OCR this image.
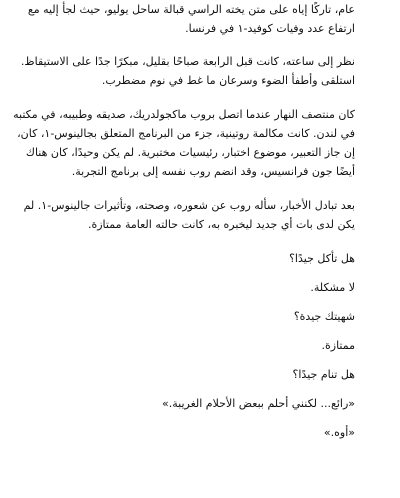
عام، تاركًا إياه على متن يخته الراسي قبالة ساحل يوليو، حيث لجأ إليه مع

ارتفاع عدد وفيات كوفيد-١ في فرنسا.

نظر إلى ساعته، كانت قبل الرابعة صباحًا بقليل، مبكرًا جدًا على الاستيقاظ.

استلقى وأطفأ الضوء وسرعان ما غط في نوم مضطرب.

كان منتصف النهار عندما اتصل بروب ماكجولدريك، صديقه وطبيبه، في مكتبه

في لندن. كانت مكالمة روتينية، جزء من البرنامج المتعلق بجالينوس-١، كان،

إن جاز التعبير، موضوع اختبار، رئيسيات مختبرية. لم يكن وحيدًا، كان هناك

أيضًا جون فرانسيس، وقد انضم روب نفسه إلى برنامج التجربة.

بعد تبادل الأخبار، سأله روب عن شعوره، وصحته، وتأثيرات جالينوس-١. لم

يكن لدى بات أي جديد ليخبره به، كانت حالته العامة ممتازة.

هل تأكل جيدًا؟

لا مشكلة.

شهيتك جيدة؟

ممتازة.

هل تنام جيدًا؟

«رائع... لكنني أحلم ببعض الأحلام الغريبة.»

«أوه.»
